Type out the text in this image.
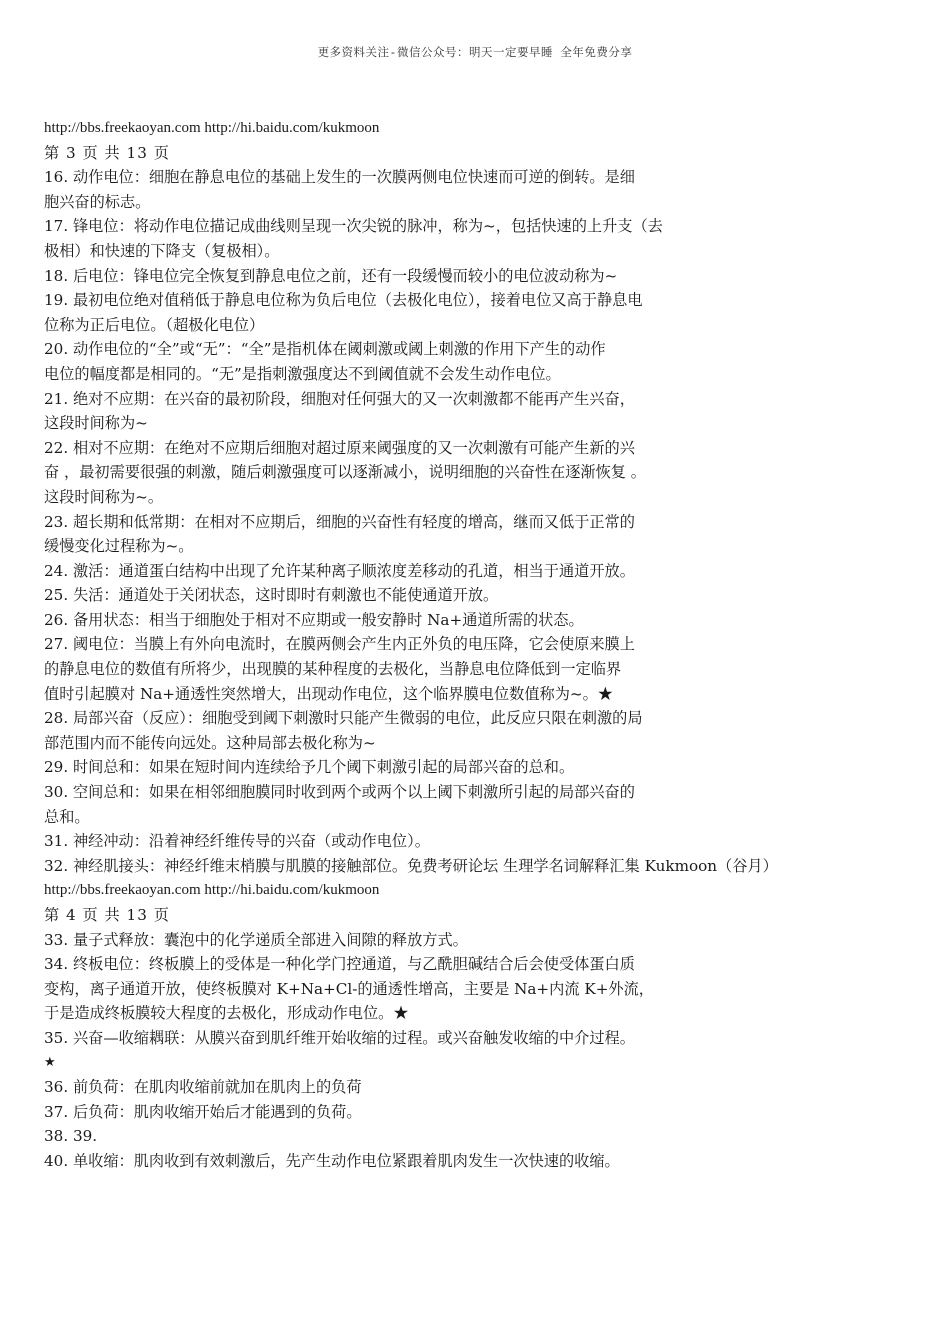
更多资料关注-微信公众号：明天一定要早睡 全年免费分享
http://bbs.freekaoyan.com http://hi.baidu.com/kukmoon
第 3 页 共 13 页
16. 动作电位：细胞在静息电位的基础上发生的一次膜两侧电位快速而可逆的倒转。是细
胞兴奋的标志。
17. 锋电位：将动作电位描记成曲线则呈现一次尖锐的脉冲，称为~，包括快速的上升支（去
极相）和快速的下降支（复极相）。
18. 后电位：锋电位完全恢复到静息电位之前，还有一段缓慢而较小的电位波动称为~
19. 最初电位绝对值稍低于静息电位称为负后电位（去极化电位），接着电位又高于静息电
位称为正后电位。（超极化电位）
20. 动作电位的“全”或“无”：“全”是指机体在阈刺激或阈上刺激的作用下产生的动作
电位的幅度都是相同的。“无”是指刺激强度达不到阈值就不会发生动作电位。
21. 绝对不应期：在兴奋的最初阶段，细胞对任何强大的又一次刺激都不能再产生兴奋，
这段时间称为~
22. 相对不应期：在绝对不应期后细胞对超过原来阈强度的又一次刺激有可能产生新的兴
奋 ，最初需要很强的刺激，随后刺激强度可以逐渐减小，说明细胞的兴奋性在逐渐恢复 。
这段时间称为~。
23. 超长期和低常期：在相对不应期后，细胞的兴奋性有轻度的增高，继而又低于正常的
缓慢变化过程称为~。
24. 激活：通道蛋白结构中出现了允许某种离子顺浓度差移动的孔道，相当于通道开放。
25. 失活：通道处于关闭状态，这时即时有刺激也不能使通道开放。
26. 备用状态：相当于细胞处于相对不应期或一般安静时 Na+通道所需的状态。
27. 阈电位：当膜上有外向电流时，在膜两侧会产生内正外负的电压降，它会使原来膜上
的静息电位的数值有所将少，出现膜的某种程度的去极化，当静息电位降低到一定临界
值时引起膜对 Na+通透性突然增大，出现动作电位，这个临界膜电位数值称为~。★
28. 局部兴奋（反应）：细胞受到阈下刺激时只能产生微弱的电位，此反应只限在刺激的局
部范围内而不能传向远处。这种局部去极化称为~
29. 时间总和：如果在短时间内连续给予几个阈下刺激引起的局部兴奋的总和。
30. 空间总和：如果在相邻细胞膜同时收到两个或两个以上阈下刺激所引起的局部兴奋的
总和。
31. 神经冲动：沿着神经纤维传导的兴奋（或动作电位）。
32. 神经肌接头：神经纤维末梢膜与肌膜的接触部位。免费考研论坛 生理学名词解释汇集 Kukmoon（谷月）
http://bbs.freekaoyan.com http://hi.baidu.com/kukmoon
第 4 页 共 13 页
33. 量子式释放：囊泡中的化学递质全部进入间隙的释放方式。
34. 终板电位：终板膜上的受体是一种化学门控通道，与乙酰胆碱结合后会使受体蛋白质
变构，离子通道开放，使终板膜对 K+Na+Cl-的通透性增高，主要是 Na+内流 K+外流，
于是造成终板膜较大程度的去极化，形成动作电位。★
35. 兴奋—收缩耦联：从膜兴奋到肌纤维开始收缩的过程。或兴奋触发收缩的中介过程。
★
36. 前负荷：在肌肉收缩前就加在肌肉上的负荷
37. 后负荷：肌肉收缩开始后才能遇到的负荷。
38. 39.
40. 单收缩：肌肉收到有效刺激后，先产生动作电位紧跟着肌肉发生一次快速的收缩。
